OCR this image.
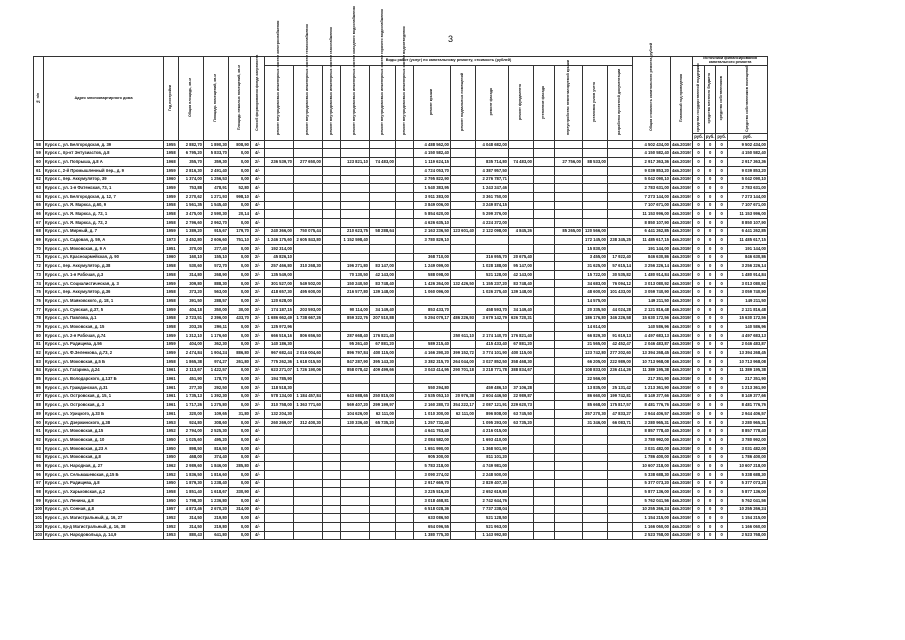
3
№ п/п	Адрес многоквартирного дома	Год постройки	Общая площадь, кв.м	Площадь помещений, кв.м	Площадь нежилых помещений, кв.м	Способ формирования фонда капремонта	Виды работ (услуг) по капитальному ремонту, стоимость (рублей)														Общая стоимость капитального ремонта, рублей	Плановый год проведения	Источники финансирования капитального ремонта			
							ремонт внутридомовых инженерных систем электроснабжения	ремонт внутридомовых инженерных систем теплоснабжения	ремонт внутридомовых инженерных систем газоснабжения	ремонт внутридомовых инженерных систем холодного водоснабжения	ремонт внутридомовых инженерных систем горячего водоснабжения	ремонт внутридомовых инженерных систем водоотведения	ремонт крыши	ремонт подвальных помещений	ремонт фасада	ремонт фундамента	утепление фасада	переустройство невентилируемой крыши	установка узлов учета	разработка проектной документации			средства государственной поддержки	средства местного бюджета	средства собственников	Средства собственников помещений
																							руб.	руб.	руб.	руб.
58	Курск г., ул. Белгородская, д. 39	1955	2 882,70	1 890,30	808,90	4/-							4 488 562,00		4 048 682,00						4 502 434,00	4кв.2019г	0	0	0	9 502 434,00
59	Курск г., пр-кт Энтузиастов, д.8	1958	6 795,20	5 833,70	0,00	4/-							4 150 582,40								4 150 582,40	4кв.2019г	0	0	0	4 150 582,40
60	Курск г., ул. Попрыша, д.8 А	1968	355,70	359,30	0,00	2/-	236 539,70	277 650,00		123 821,10	74 483,00		1 119 624,15		835 714,80	74 483,00		27 756,00	88 533,00		2 917 363,36	4кв.2019г	0	0	0	2 917 363,36
61	Курск г., 2-й Промышленный пер., д. 9	1959	2 816,30	2 491,40	0,00	4/-							4 724 053,70		4 387 957,50						9 039 853,20	4кв.2019г	0	0	0	9 039 853,20
62	Курск г., пер. Аккумулятор, 39	1960	1 374,00	1 256,53	0,00	4/-							2 795 822,90		2 276 787,71						5 042 090,10	4кв.2019г	0	0	0	5 042 090,10
63	Курск г., ул. 1-я Фатежская, 73, 1	1959	753,88	478,91	52,80	4/-							1 540 383,95		1 243 247,46						2 783 631,00	4кв.2019г	0	0	0	2 783 631,00
64	Курск г., ул. Белгородская, д. 12, 7	1959	2 270,62	1 271,93	998,10	4/-							3 911 383,00		3 361 750,00						7 273 144,00	4кв.2019г	0	0	0	7 273 144,00
65	Курск г., ул. Я. Маркса, д.60, 9	1958	1 561,35	1 545,40	0,00	4/-							3 849 006,00		3 249 874,15						7 107 671,00	4кв.2019г	0	0	0	7 107 671,00
66	Курск г., ул. Я. Маркса, д. 72, 1	1958	3 475,00	2 590,30	20,14	4/-							5 854 620,00		5 299 376,00						11 153 996,00	4кв.2019г	0	0	0	11 153 996,00
67	Курск г., ул. Я. Маркса, д. 72, 2	1958	2 796,60	2 962,70	0,00	4/-							4 626 635,10		4 224 372,00						8 850 107,90	4кв.2019г	0	0	0	8 850 107,90
68	Курск г., ул. Мирный, д. 7	1959	1 389,20	915,67	179,70	2/-	240 366,00	750 075,44		210 623,75	58 288,64		2 163 236,50	123 601,40	2 122 098,00	4 845,26		85 265,00	120 566,00		6 441 262,85	4кв.2019г	0	0	0	6 441 262,85
69	Курск г., ул. Садовая, д. 59, А	1973	3 452,80	2 606,60	751,10	2/-	1 246 175,60	2 605 843,80		1 152 598,40			3 780 829,10						172 145,00	238 345,25	11 485 617,15	4кв.2019г	0	0	0	11 485 617,15
70	Курск г., ул. Моковская, д. 9 А	1951	370,00	277,40	0,00	2/-	192 314,00												15 830,00		191 144,00	4кв.2019г	0	0	0	191 144,00
71	Курск г., ул. Красноармейская, д. 90	1960	160,10	155,10	0,00	2/-	45 826,10						368 710,00		316 955,70	20 675,40			3 455,00	17 922,40	846 630,86	4кв.2019г	0	0	0	846 630,86
72	Курск г., пер. Аккумулятор, д.38	1958	530,60	572,70	0,00	2/-	257 466,80	310 268,30		196 271,80	83 147,00		1 249 099,00		1 028 188,00	95 147,00			31 625,00	57 615,14	3 256 226,14	4кв.2019г	0	0	0	3 256 226,14
73	Курск г., ул. 1-я Рабочая, д.3	1958	314,80	268,90	0,00	2/-	135 549,00			70 130,50	42 143,00		588 098,00		521 128,00	42 143,00			15 722,00	30 535,82	1 480 914,84	4кв.2019г	0	0	0	1 480 914,84
74	Курск г., ул. Социалистическая, д. 3	1959	309,80	888,30	0,00	2/-	301 527,00	549 502,00		150 240,50	83 748,40		1 426 264,00	132 426,50	1 155 237,20	83 748,40			34 683,00	76 094,12	3 013 080,92	4кв.2019г	0	0	0	3 013 080,92
75	Курск г., пер. Аккумулятор, д.36	1958	373,20	563,00	0,00	2/-	418 657,30	495 600,00		216 577,80	139 148,00		1 060 096,00		1 026 275,40	139 148,00			48 600,00	101 433,00	3 059 740,90	4кв.2019г	0	0	0	3 059 740,90
76	Курск г., ул. Маяковского, д. 18, 1	1958	391,50	288,57	0,00	2/-	120 628,00												14 575,00		149 211,50	4кв.2019г	0	0	0	149 211,50
77	Курск г., ул. Сумская, д.37, 5	1959	404,18	350,00	30,00	2/-	174 187,15	203 593,00		90 114,00	34 149,40		853 433,70		458 593,70	34 149,40			20 335,50	44 024,28	2 121 816,48	4кв.2019г	0	0	0	2 121 816,48
78	Курск г., ул. Павлова, д.1	1958	2 723,51	2 396,00	433,70	2/-	1 686 662,49	1 738 667,26		859 322,76	207 510,88		5 294 079,17	486 226,93	3 679 142,79	626 720,31			186 176,80	346 226,58	15 630 172,56	4кв.2019г	0	0	0	15 630 172,56
79	Курск г., ул. Моковская, д. 15	1958	203,26	296,11	0,00	2/-	125 972,96												14 614,00		140 586,96	4кв.2019г	0	0	0	140 586,96
80	Курск г., ул. 2-я Рабочая, д.74	1959	1 312,10	1 176,60	0,00	2/-	666 516,16	806 656,50		287 668,40	176 821,40			250 611,10	2 174 140,70	176 821,40			66 829,30	91 619,13	4 497 683,13	4кв.2019г	0	0	0	4 497 683,13
81	Курск г., ул. Радищева, д.56	1959	404,00	362,30	0,00	2/-	140 186,30			95 261,40	67 881,20		589 215,40		415 433,40	67 881,20			21 565,00	42 452,47	2 046 483,87	4кв.2019г	0	0	0	2 046 483,87
82	Курск г., ул. Ф.Зеленкова, д.73, 2	1959	2 474,84	1 904,24	886,80	2/-	967 682,44	2 016 004,60		896 797,84	400 115,00		4 166 290,20	399 152,72	3 774 101,90	400 115,00			123 742,80	277 202,60	13 394 268,45	4кв.2019г	0	0	0	13 394 268,45
83	Курск г., ул. Моковская, д.5 Б	1958	1 865,38	974,27	261,80	2/-	775 262,36	1 618 015,50		847 287,90	395 143,30		3 382 315,70	264 044,00	3 027 852,50	358 468,30			66 205,00	222 989,00	10 713 968,08	4кв.2019г	0	0	0	10 713 968,08
84	Курск г., ул. Гагарина, д.24	1961	2 113,67	1 422,57	0,00	2/-	623 271,07	1 726 190,06		858 078,42	409 499,66		3 043 414,95	290 701,18	3 218 771,78	388 834,67			108 833,00	236 414,26	11 389 195,38	4кв.2019г	0	0	0	11 389 195,38
85	Курск г., ул. Володарского, д.137 Б	1961	451,90	178,70	0,00	2/-	194 785,90												22 566,00		217 351,90	4кв.2019г	0	0	0	217 351,90
86	Курск г., ул. Гражданская, д.31	1961	277,30	292,50	0,00	2/-	118 518,30						550 294,80		459 486,10	37 106,28			13 835,00	25 131,42	1 213 361,90	4кв.2019г	0	0	0	1 213 361,90
87	Курск г., ул. Островская, д. 15, 1	1961	1 735,13	1 392,30	0,00	2/-	578 134,00	1 184 457,84		643 688,65	250 815,00		2 535 053,10	20 976,38	2 604 446,50	22 989,87			86 660,00	199 742,81	8 149 377,66	4кв.2019г	0	0	0	8 149 377,66
88	Курск г., ул. Островская, д. 3	1961	1 717,26	1 275,80	0,00	2/-	310 758,00	1 363 771,60		569 407,20	299 199,97		2 160 280,73	354 222,17	2 087 121,91	229 620,73			85 668,00	175 817,57	8 481 776,76	4кв.2019г	0	0	0	8 481 776,76
89	Курск г., ул. Урицкого, д.33 Б	1961	320,00	109,65	31,80	2/-	132 204,30			104 626,00	62 111,00		1 010 300,00	62 111,00	896 808,00	63 745,50			257 270,30	47 833,27	2 944 406,57	4кв.2019г	0	0	0	2 944 406,57
90	Курск г., ул. Дзержинского, д.38	1953	924,80	308,60	0,00	2/-	260 269,07	312 400,30		130 336,40	65 735,20		1 257 732,40		1 095 293,00	63 735,20			31 346,00	66 083,71	3 280 965,31	4кв.2019г	0	0	0	3 280 965,31
91	Курск г., ул. Моковская, д.15	1952	2 794,00	2 525,30	0,00	4/-							4 641 763,40		4 216 015,00						8 857 778,40	4кв.2019г	0	0	0	8 857 778,40
92	Курск г., ул. Моковская, д. 10	1950	1 025,60	495,20	0,00	4/-							2 084 582,00		1 693 410,00						3 780 992,00	4кв.2019г	0	0	0	3 780 992,00
93	Курск г., ул. Моковская, д.23 А	1950	898,50	816,50	0,00	4/-							1 651 990,00		1 368 501,90						3 031 482,00	4кв.2019г	0	0	0	3 031 482,00
94	Курск г., ул. Моковская, д.8	1950	468,00	374,40	0,00	4/-							905 300,00		811 101,20						1 786 400,00	4кв.2019г	0	0	0	1 786 400,00
95	Курск г., ул. Народная, д. 27	1962	2 989,60	1 846,00	285,80	4/-							5 783 218,00		4 749 981,00						10 607 218,00	4кв.2019г	0	0	0	10 607 218,00
96	Курск г., ул. Сельмашевская, д.15 Б	1952	1 836,50	1 816,60	0,00	4/-							3 090 274,02		2 248 500,00						5 338 688,30	4кв.2019г	0	0	0	5 338 688,30
97	Курск г., ул. Радищева, д.8	1950	1 879,30	1 238,40	0,00	4/-							2 917 669,70		2 829 407,30						5 377 073,20	4кв.2019г	0	0	0	5 377 073,20
98	Курск г., ул. Харьковская, д.2	1958	1 851,40	1 618,67	330,90	4/-							3 225 516,20		2 652 619,80						5 877 136,00	4кв.2019г	0	0	0	5 877 136,00
99	Курск г., ул. Ленина, д.8	1950	1 798,30	1 236,80	0,00	4/-							3 018 468,81		2 742 644,76						5 762 041,56	4кв.2019г	0	0	0	5 762 041,56
100	Курск г., ул. Сонная, д.8	1957	4 873,46	2 670,20	314,00	4/-							6 518 028,36		7 737 238,04						10 255 266,24	4кв.2019г	0	0	0	10 255 266,24
101	Курск г., ул. Магистральный, д. 16, 27	1952	314,50	219,80	0,00	4/-							633 086,50		521 128,50						1 154 215,00	4кв.2019г	0	0	0	1 154 215,00
102	Курск г., пр-д Магистральный, д. 16, 38	1952	314,50	219,80	0,00	4/-							654 096,55		521 963,00						1 166 060,00	4кв.2019г	0	0	0	1 166 060,00
103	Курск г., ул. Народовольца, д. 14,9	1953	880,43	641,80	0,00	4/-							1 380 775,30		1 143 992,80						2 523 768,00	4кв.2019г	0	0	0	2 523 768,00
